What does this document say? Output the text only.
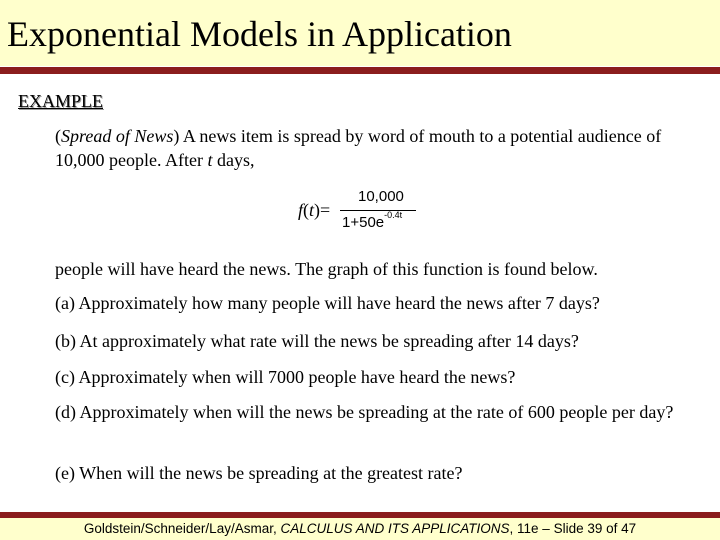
Exponential Models in Application
EXAMPLE
(Spread of News) A news item is spread by word of mouth to a potential audience of 10,000 people. After t days,
f(t)=
10,000
$1+50e^{-0.4t}$
people will have heard the news. The graph of this function is found below.
(a) Approximately how many people will have heard the news after 7 days?
(b) At approximately what rate will the news be spreading after 14 days?
(c) Approximately when will 7000 people have heard the news?
(d) Approximately when will the news be spreading at the rate of 600 people per day?
(e) When will the news be spreading at the greatest rate?
Goldstein/Schneider/Lay/Asmar, CALCULUS AND ITS APPLICATIONS, 11e – Slide 39 of 47
